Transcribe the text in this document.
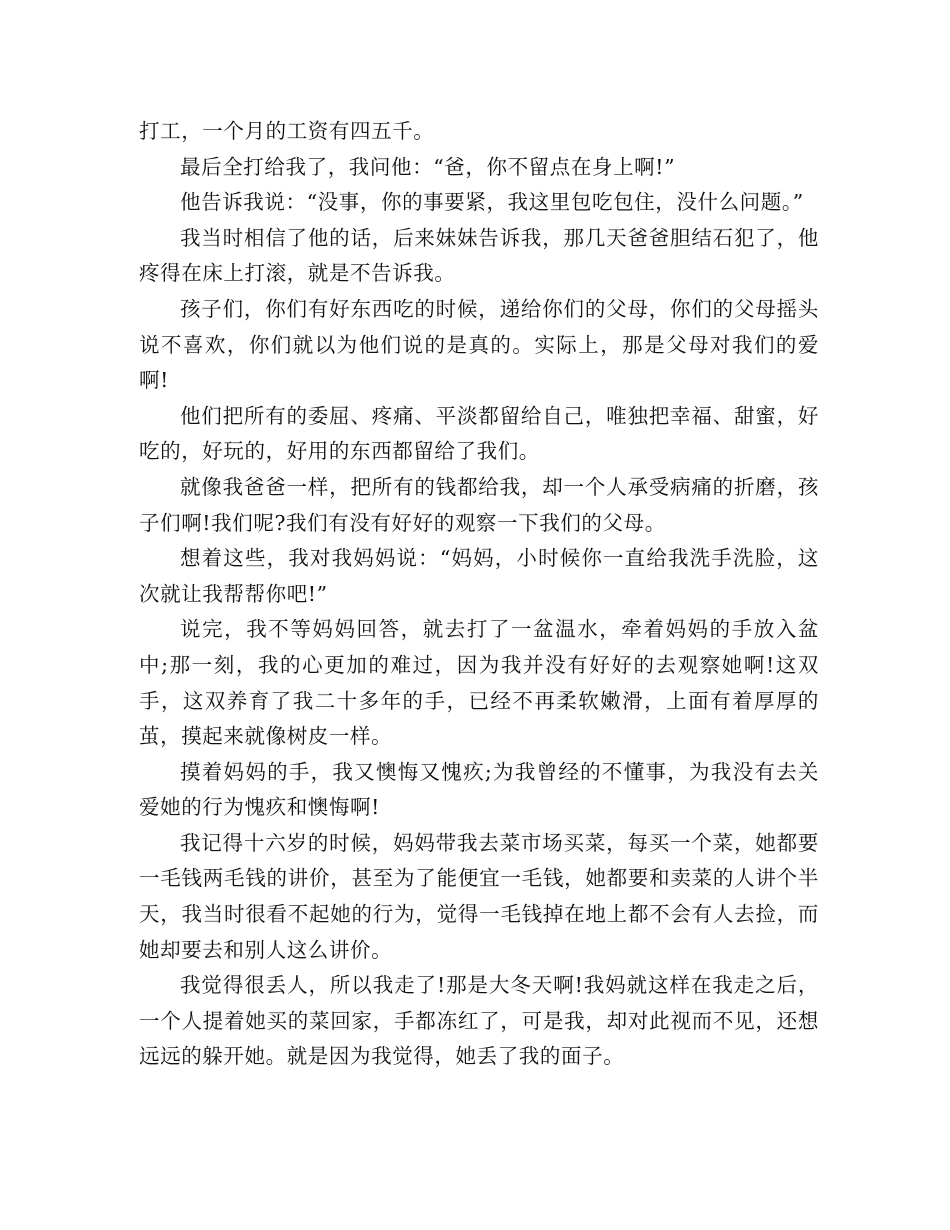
打工，一个月的工资有四五千。

最后全打给我了，我问他：“爸，你不留点在身上啊!”

他告诉我说：“没事，你的事要紧，我这里包吃包住，没什么问题。”

我当时相信了他的话，后来妹妹告诉我，那几天爸爸胆结石犯了，他疼得在床上打滚，就是不告诉我。

孩子们，你们有好东西吃的时候，递给你们的父母，你们的父母摇头说不喜欢，你们就以为他们说的是真的。实际上，那是父母对我们的爱啊!

他们把所有的委屈、疼痛、平淡都留给自己，唯独把幸福、甜蜜，好吃的，好玩的，好用的东西都留给了我们。

就像我爸爸一样，把所有的钱都给我，却一个人承受病痛的折磨，孩子们啊!我们呢?我们有没有好好的观察一下我们的父母。

想着这些，我对我妈妈说：“妈妈，小时候你一直给我洗手洗脸，这次就让我帮帮你吧!”

说完，我不等妈妈回答，就去打了一盆温水，牵着妈妈的手放入盆中;那一刻，我的心更加的难过，因为我并没有好好的去观察她啊!这双手，这双养育了我二十多年的手，已经不再柔软嫩滑，上面有着厚厚的茧，摸起来就像树皮一样。

摸着妈妈的手，我又懊悔又愧疚;为我曾经的不懂事，为我没有去关爱她的行为愧疚和懊悔啊!

我记得十六岁的时候，妈妈带我去菜市场买菜，每买一个菜，她都要一毛钱两毛钱的讲价，甚至为了能便宜一毛钱，她都要和卖菜的人讲个半天，我当时很看不起她的行为，觉得一毛钱掉在地上都不会有人去捡，而她却要去和别人这么讲价。

我觉得很丢人，所以我走了!那是大冬天啊!我妈就这样在我走之后，一个人提着她买的菜回家，手都冻红了，可是我，却对此视而不见，还想远远的躲开她。就是因为我觉得，她丢了我的面子。
